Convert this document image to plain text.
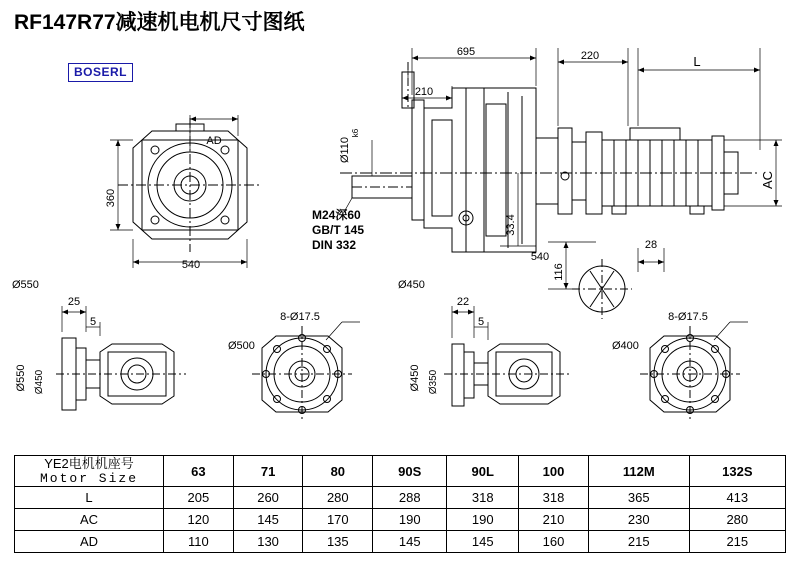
RF147R77减速机电机尺寸图纸
BOSERL
695	220	L
210
AD
540
28
25
5
22
5
Ø550	Ø450
Ø500	Ø400
8-Ø17.5	8-Ø17.5
360
540
AC
33.4
116
Ø110
k6
Ø550 Ø450	Ø450 Ø350
M24深60
GB/T 145
DIN 332
YE2电机机座号
Motor Size	63	71	80	90S	90L	100	112M	132S
L	205	260	280	288	318	318	365	413
AC	120	145	170	190	190	210	230	280
AD	110	130	135	145	145	160	215	215
